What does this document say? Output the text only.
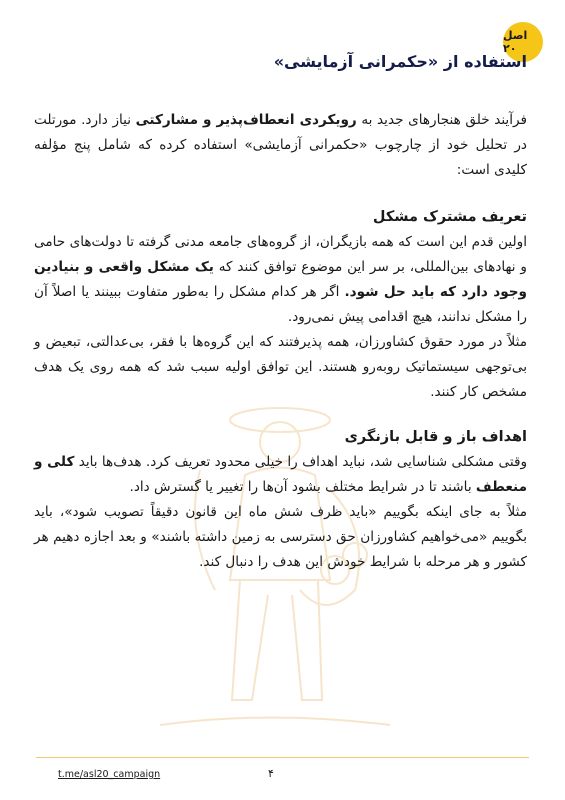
اصل ۲۰
استفاده از «حکمرانی آزمایشی»

فرآیند خلق هنجارهای جدید به رویکردی انعطاف‌پذیر و مشارکتی نیاز دارد. مورتلت در تحلیل خود از چارچوب «حکمرانی آزمایشی» استفاده کرده که شامل پنج مؤلفه کلیدی است:

تعریف مشترک مشکل

اولین قدم این است که همه بازیگران، از گروه‌های جامعه مدنی گرفته تا دولت‌های حامی و نهادهای بین‌المللی، بر سر این موضوع توافق کنند که یک مشکل واقعی و بنیادین وجود دارد که باید حل شود. اگر هر کدام مشکل را به‌طور متفاوت ببینند یا اصلاً آن را مشکل ندانند، هیچ اقدامی پیش نمی‌رود.

مثلاً در مورد حقوق کشاورزان، همه پذیرفتند که این گروه‌ها با فقر، بی‌عدالتی، تبعیض و بی‌توجهی سیستماتیک روبه‌رو هستند. این توافق اولیه سبب شد که همه روی یک هدف مشخص کار کنند.

اهداف باز و قابل بازنگری

وقتی مشکلی شناسایی شد، نباید اهداف را خیلی محدود تعریف کرد. هدف‌ها باید کلی و منعطف باشند تا در شرایط مختلف بشود آن‌ها را تغییر یا گسترش داد.

مثلاً به جای اینکه بگوییم «باید ظرف شش ماه این قانون دقیقاً تصویب شود»، باید بگوییم «می‌خواهیم کشاورزان حق دسترسی به زمین داشته باشند» و بعد اجازه دهیم هر کشور و هر مرحله با شرایط خودش این هدف را دنبال کند.

t.me/asl20_campaign	۴
